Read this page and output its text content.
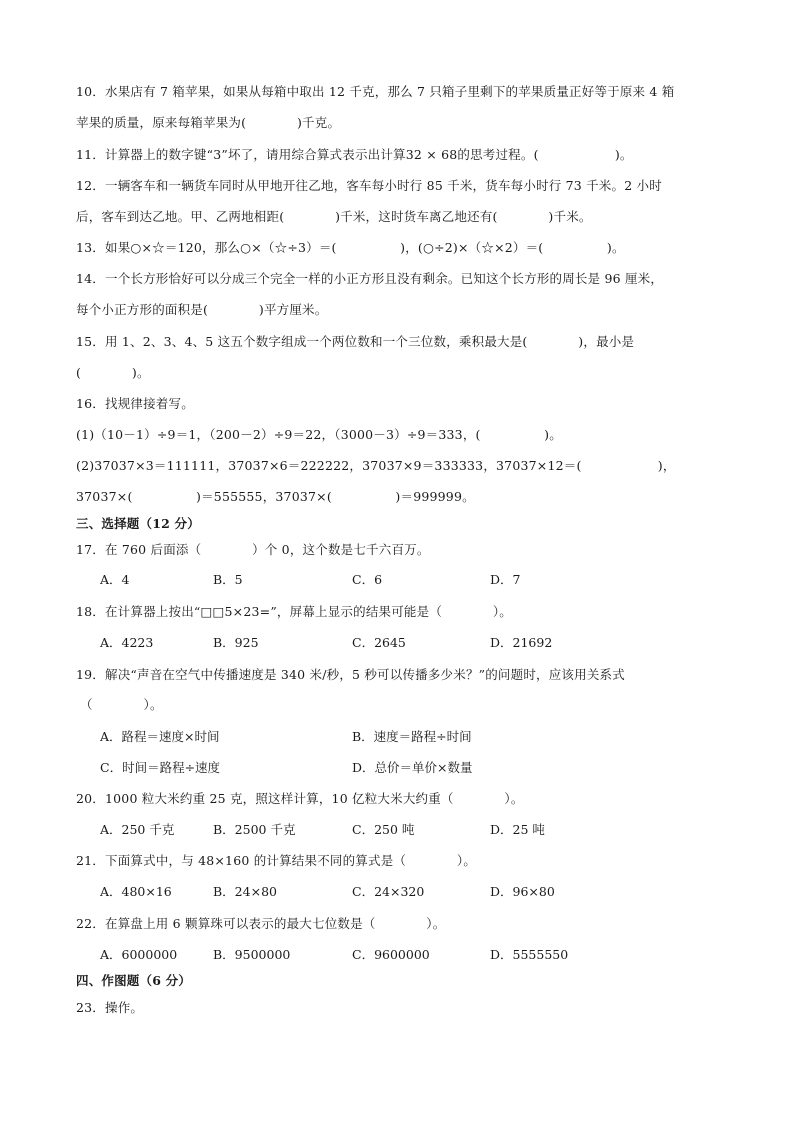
10．水果店有 7 箱苹果，如果从每箱中取出 12 千克，那么 7 只箱子里剩下的苹果质量正好等于原来 4 箱
苹果的质量，原来每箱苹果为(　　　　)千克。
11．计算器上的数字键“3”坏了，请用综合算式表示出计算32 × 68的思考过程。(　　　　　　)。
12．一辆客车和一辆货车同时从甲地开往乙地，客车每小时行 85 千米，货车每小时行 73 千米。2 小时
后，客车到达乙地。甲、乙两地相距(　　　　)千米，这时货车离乙地还有(　　　　)千米。
13．如果○×☆＝120，那么○×（☆÷3）＝(　　　　　)，(○÷2)×（☆×2）＝(　　　　　)。
14．一个长方形恰好可以分成三个完全一样的小正方形且没有剩余。已知这个长方形的周长是 96 厘米，
每个小正方形的面积是(　　　　)平方厘米。
15．用 1、2、3、4、5 这五个数字组成一个两位数和一个三位数，乘积最大是(　　　　)，最小是
(　　　　)。
16．找规律接着写。
(1)（10－1）÷9＝1，（200－2）÷9＝22，（3000－3）÷9＝333，(　　　　　)。
(2)37037×3＝111111，37037×6＝222222，37037×9＝333333，37037×12＝(　　　　　　)，
37037×(　　　　　)＝555555，37037×(　　　　　)＝999999。
三、选择题（12 分）
17．在 760 后面添（　　　　）个 0，这个数是七千六百万。
A．4	B．5	C．6	D．7
18．在计算器上按出“□□5×23=”，屏幕上显示的结果可能是（　　　　）。
A．4223	B．925	C．2645	D．21692
19．解决“声音在空气中传播速度是 340 米/秒，5 秒可以传播多少米？”的问题时，应该用关系式
（　　　　）。
A．路程＝速度×时间	B．速度＝路程÷时间
C．时间＝路程÷速度	D．总价＝单价×数量
20．1000 粒大米约重 25 克，照这样计算，10 亿粒大米大约重（　　　　）。
A．250 千克	B．2500 千克	C．250 吨	D．25 吨
21．下面算式中，与 48×160 的计算结果不同的算式是（　　　　）。
A．480×16	B．24×80	C．24×320	D．96×80
22．在算盘上用 6 颗算珠可以表示的最大七位数是（　　　　）。
A．6000000	B．9500000	C．9600000	D．5555550
四、作图题（6 分）
23．操作。
